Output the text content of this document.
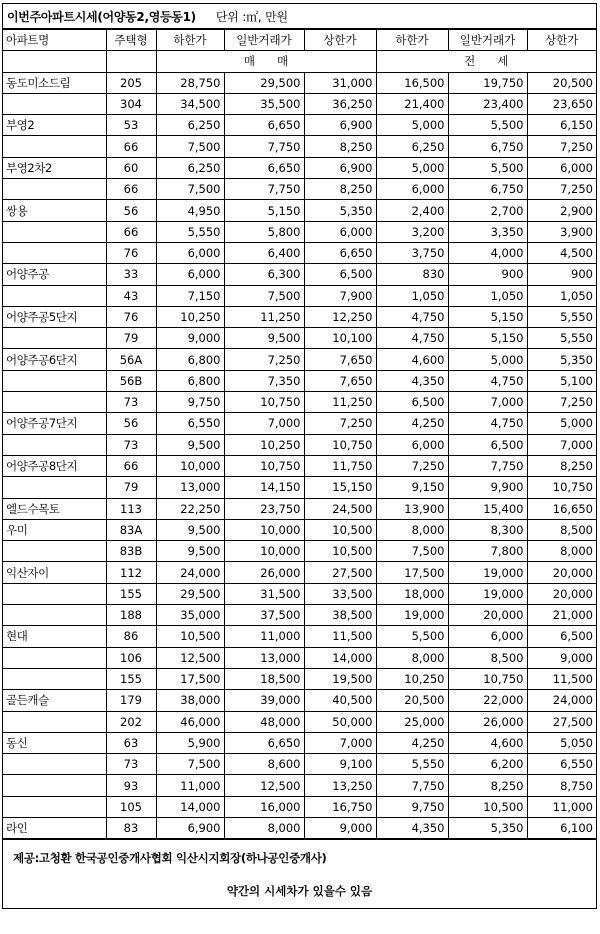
이번주아파트시세(어양동2,영등동1) 단위 :㎡, 만원
아파트명	주택형	하한가	일반거래가	상한가	하한가	일반거래가	상한가
		매      매			전      세		
동도미소드림	205	28,750	29,500	31,000	16,500	19,750	20,500
	304	34,500	35,500	36,250	21,400	23,400	23,650
부영2	53	6,250	6,650	6,900	5,000	5,500	6,150
	66	7,500	7,750	8,250	6,250	6,750	7,250
부영2차2	60	6,250	6,650	6,900	5,000	5,500	6,000
	66	7,500	7,750	8,250	6,000	6,750	7,250
쌍용	56	4,950	5,150	5,350	2,400	2,700	2,900
	66	5,550	5,800	6,000	3,200	3,350	3,900
	76	6,000	6,400	6,650	3,750	4,000	4,500
어양주공	33	6,000	6,300	6,500	830	900	900
	43	7,150	7,500	7,900	1,050	1,050	1,050
어양주공5단지	76	10,250	11,250	12,250	4,750	5,150	5,550
	79	9,000	9,500	10,100	4,750	5,150	5,550
어양주공6단지	56A	6,800	7,250	7,650	4,600	5,000	5,350
	56B	6,800	7,350	7,650	4,350	4,750	5,100
	73	9,750	10,750	11,250	6,500	7,000	7,250
어양주공7단지	56	6,550	7,000	7,250	4,250	4,750	5,000
	73	9,500	10,250	10,750	6,000	6,500	7,000
어양주공8단지	66	10,000	10,750	11,750	7,250	7,750	8,250
	79	13,000	14,150	15,150	9,150	9,900	10,750
엘드수목토	113	22,250	23,750	24,500	13,900	15,400	16,650
우미	83A	9,500	10,000	10,500	8,000	8,300	8,500
	83B	9,500	10,000	10,500	7,500	7,800	8,000
익산자이	112	24,000	26,000	27,500	17,500	19,000	20,000
	155	29,500	31,500	33,500	18,000	19,000	20,000
	188	35,000	37,500	38,500	19,000	20,000	21,000
현대	86	10,500	11,000	11,500	5,500	6,000	6,500
	106	12,500	13,000	14,000	8,000	8,500	9,000
	155	17,500	18,500	19,500	10,250	10,750	11,500
골든캐슬	179	38,000	39,000	40,500	20,500	22,000	24,000
	202	46,000	48,000	50,000	25,000	26,000	27,500
동신	63	5,900	6,650	7,000	4,250	4,600	5,050
	73	7,500	8,600	9,100	5,550	6,200	6,550
	93	11,000	12,500	13,250	7,750	8,250	8,750
	105	14,000	16,000	16,750	9,750	10,500	11,000
라인	83	6,900	8,000	9,000	4,350	5,350	6,100
제공:고청환 한국공인중개사협회 익산시지회장(하나공인중개사)
약간의 시세차가 있을수 있음
